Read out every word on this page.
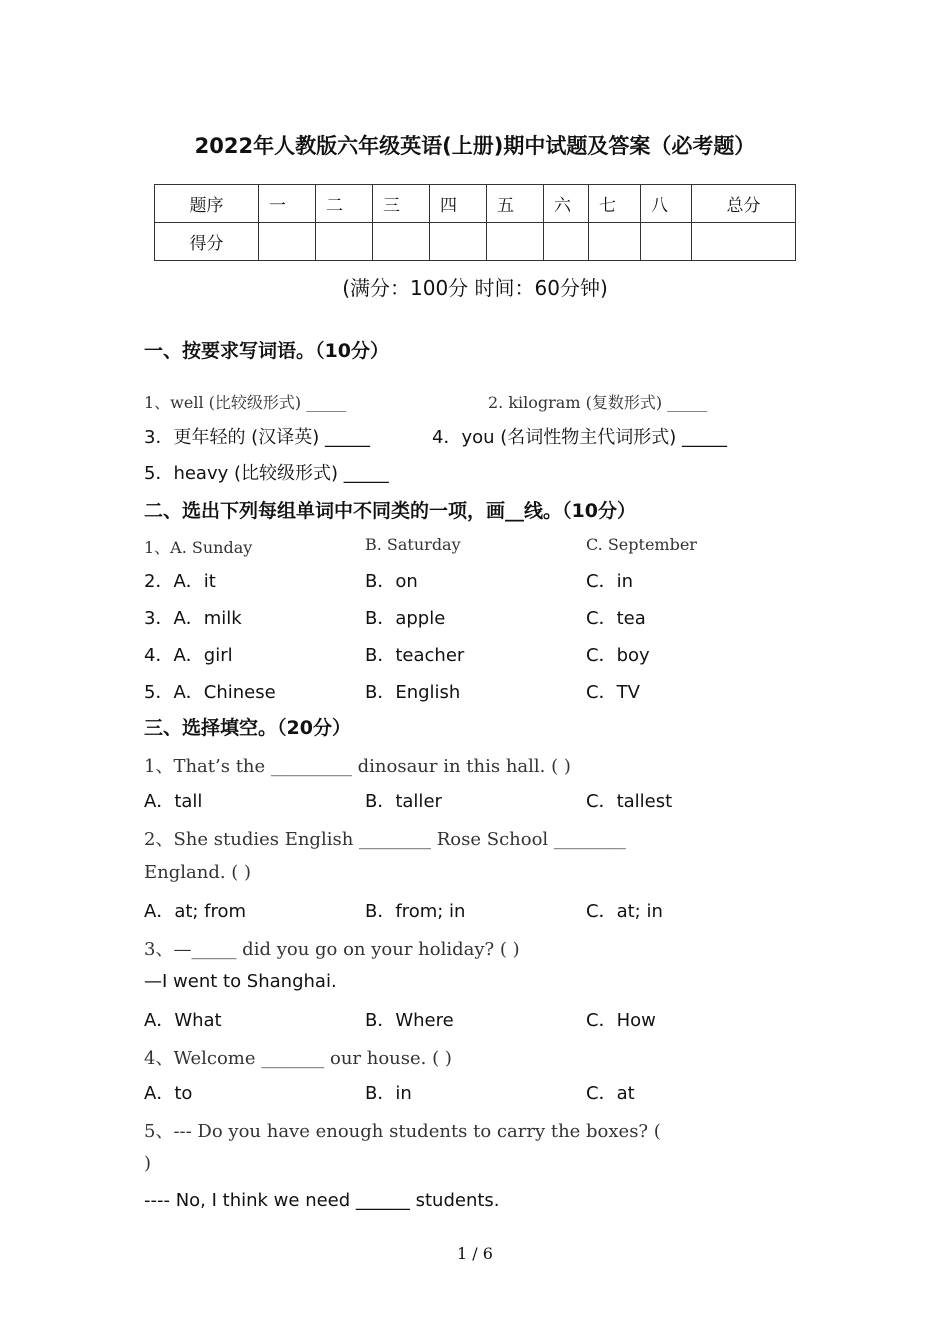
2022年人教版六年级英语(上册)期中试题及答案（必考题）
题序	一	二	三	四	五	六	七	八	总分
得分									
(满分：100分 时间：60分钟)
一、按要求写词语。（10分）
1、well (比较级形式) _____	2. kilogram (复数形式) _____
3．更年轻的 (汉译英) _____	4．you (名词性物主代词形式) _____
5．heavy (比较级形式) _____
二、选出下列每组单词中不同类的一项，画__线。（10分）
1、A. Sunday	B. Saturday	C. September
2．A．it	B．on	C．in
3．A．milk	B．apple	C．tea
4．A．girl	B．teacher	C．boy
5．A．Chinese	B．English	C．TV
三、选择填空。（20分）
1、That’s the _________ dinosaur in this hall. ( )
A．tall	B．taller	C．tallest
2、She studies English ________ Rose School ________
England. ( )
A．at; from	B．from; in	C．at; in
3、—_____ did you go on your holiday? ( )
—I went to Shanghai.
A．What	B．Where	C．How
4、Welcome _______ our house. ( )
A．to	B．in	C．at
5、--- Do you have enough students to carry the boxes? (
)
---- No, I think we need ______ students.
1 / 6
